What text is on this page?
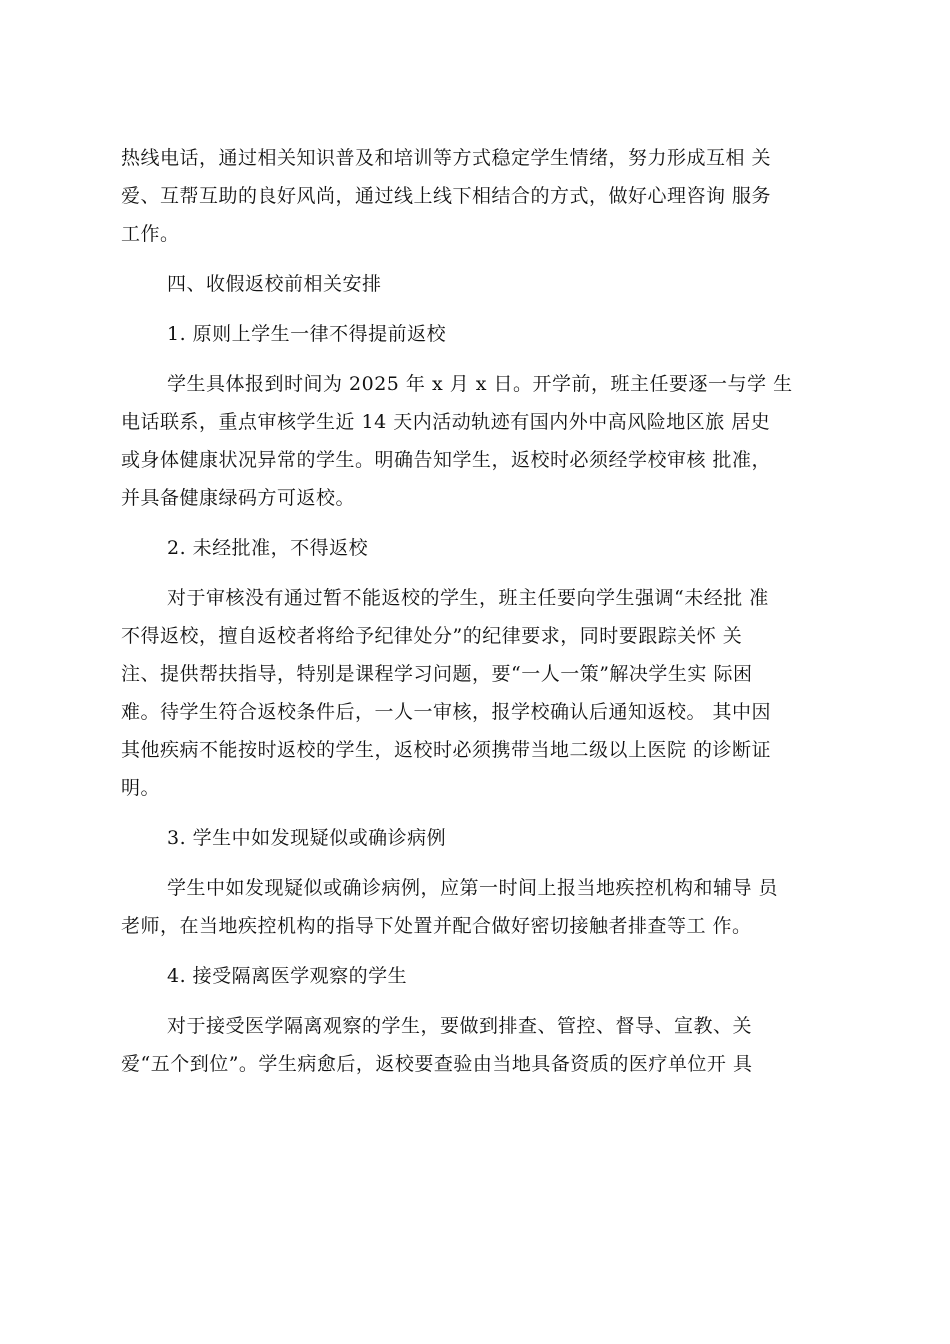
热线电话，通过相关知识普及和培训等方式稳定学生情绪，努力形成互相 关
爱、互帮互助的良好风尚，通过线上线下相结合的方式，做好心理咨询 服务
工作。

四、收假返校前相关安排

1. 原则上学生一律不得提前返校

学生具体报到时间为 2025 年 x 月 x 日。开学前，班主任要逐一与学 生
电话联系，重点审核学生近 14 天内活动轨迹有国内外中高风险地区旅 居史
或身体健康状况异常的学生。明确告知学生，返校时必须经学校审核 批准，
并具备健康绿码方可返校。

2. 未经批准，不得返校

对于审核没有通过暂不能返校的学生，班主任要向学生强调“未经批 准
不得返校，擅自返校者将给予纪律处分”的纪律要求，同时要跟踪关怀 关
注、提供帮扶指导，特别是课程学习问题，要“一人一策”解决学生实 际困
难。待学生符合返校条件后，一人一审核，报学校确认后通知返校。 其中因
其他疾病不能按时返校的学生，返校时必须携带当地二级以上医院 的诊断证
明。

3. 学生中如发现疑似或确诊病例

学生中如发现疑似或确诊病例，应第一时间上报当地疾控机构和辅导 员
老师，在当地疾控机构的指导下处置并配合做好密切接触者排查等工 作。

4. 接受隔离医学观察的学生

对于接受医学隔离观察的学生，要做到排查、管控、督导、宣教、关
爱“五个到位”。学生病愈后，返校要查验由当地具备资质的医疗单位开 具
